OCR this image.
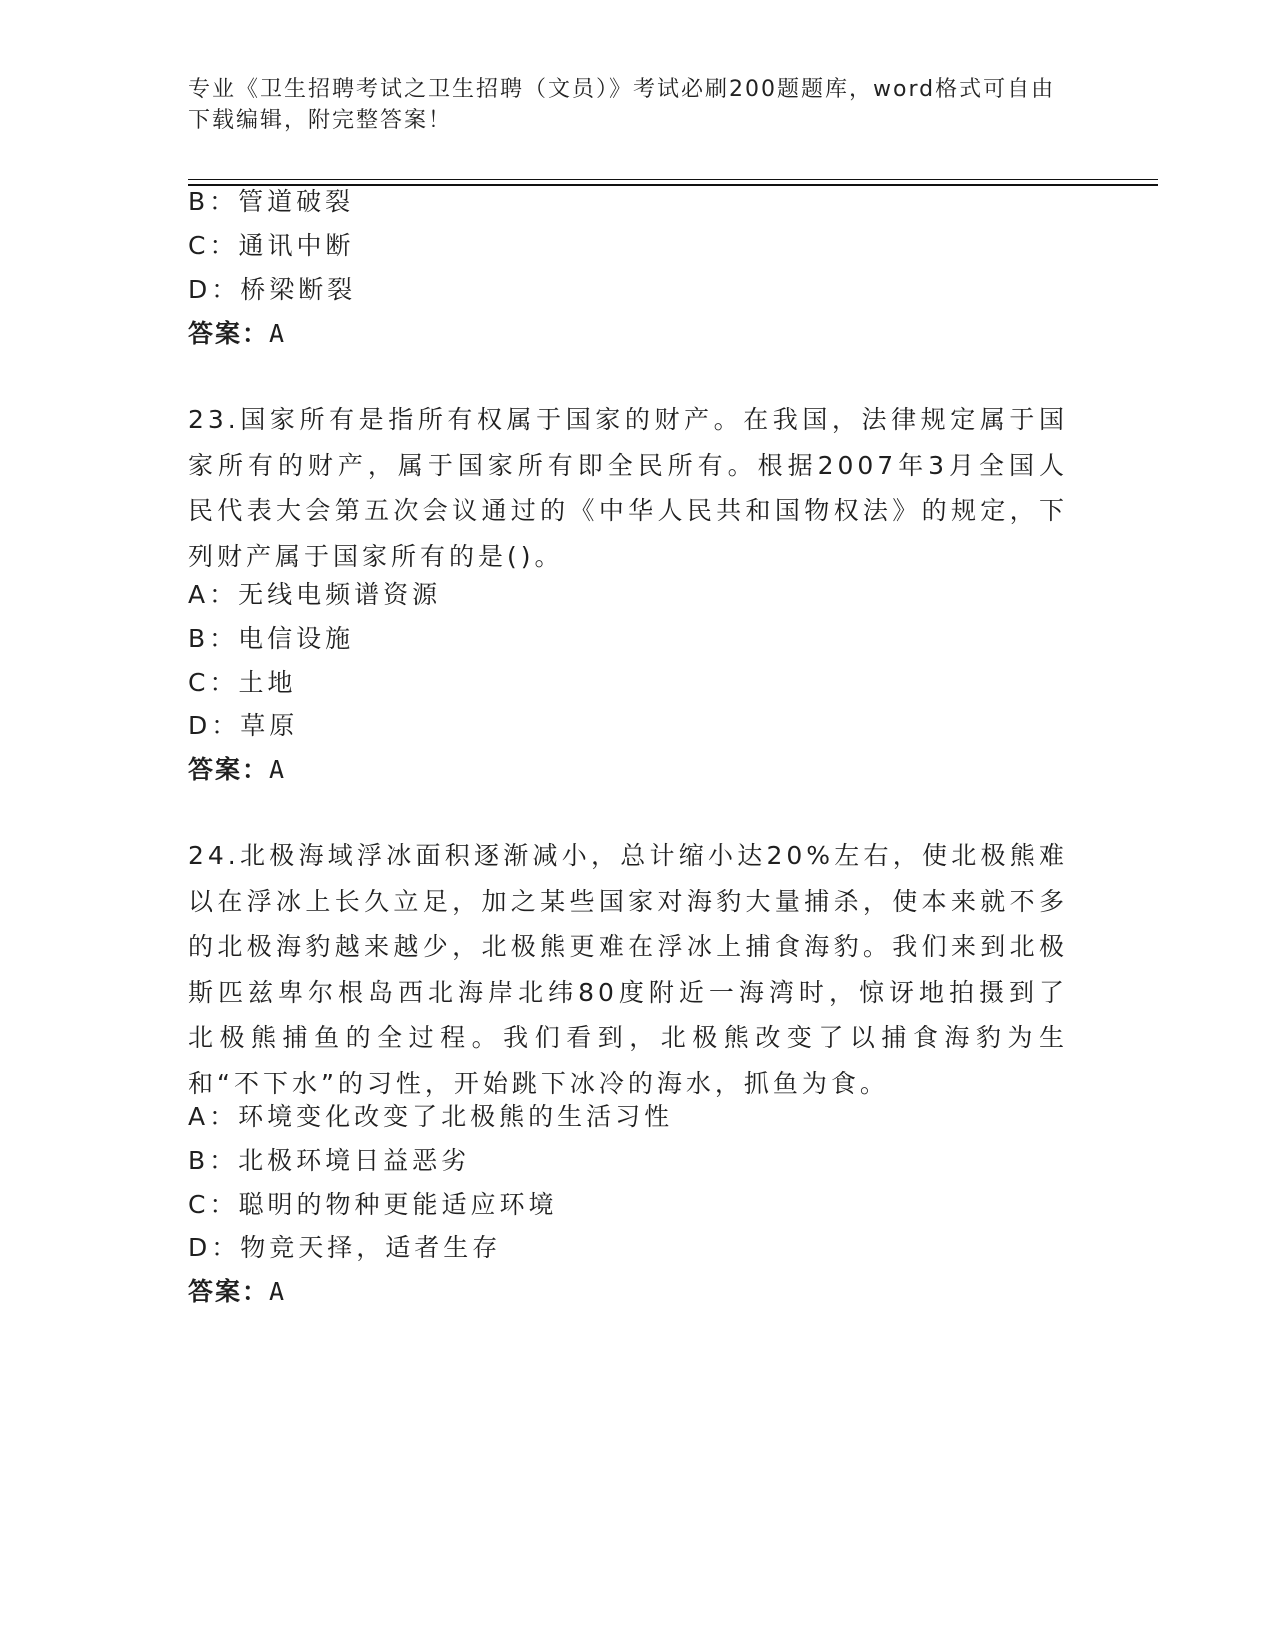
专业《卫生招聘考试之卫生招聘（文员）》考试必刷200题题库，word格式可自由下载编辑，附完整答案！
B：管道破裂
C：通讯中断
D：桥梁断裂
答案：A
23.国家所有是指所有权属于国家的财产。在我国，法律规定属于国家所有的财产，属于国家所有即全民所有。根据2007年3月全国人民代表大会第五次会议通过的《中华人民共和国物权法》的规定，下列财产属于国家所有的是()。
A：无线电频谱资源
B：电信设施
C：土地
D：草原
答案：A
24.北极海域浮冰面积逐渐减小，总计缩小达20%左右，使北极熊难以在浮冰上长久立足，加之某些国家对海豹大量捕杀，使本来就不多的北极海豹越来越少，北极熊更难在浮冰上捕食海豹。我们来到北极斯匹兹卑尔根岛西北海岸北纬80度附近一海湾时，惊讶地拍摄到了北极熊捕鱼的全过程。我们看到，北极熊改变了以捕食海豹为生和“不下水”的习性，开始跳下冰冷的海水，抓鱼为食。
A：环境变化改变了北极熊的生活习性
B：北极环境日益恶劣
C：聪明的物种更能适应环境
D：物竞天择，适者生存
答案：A
